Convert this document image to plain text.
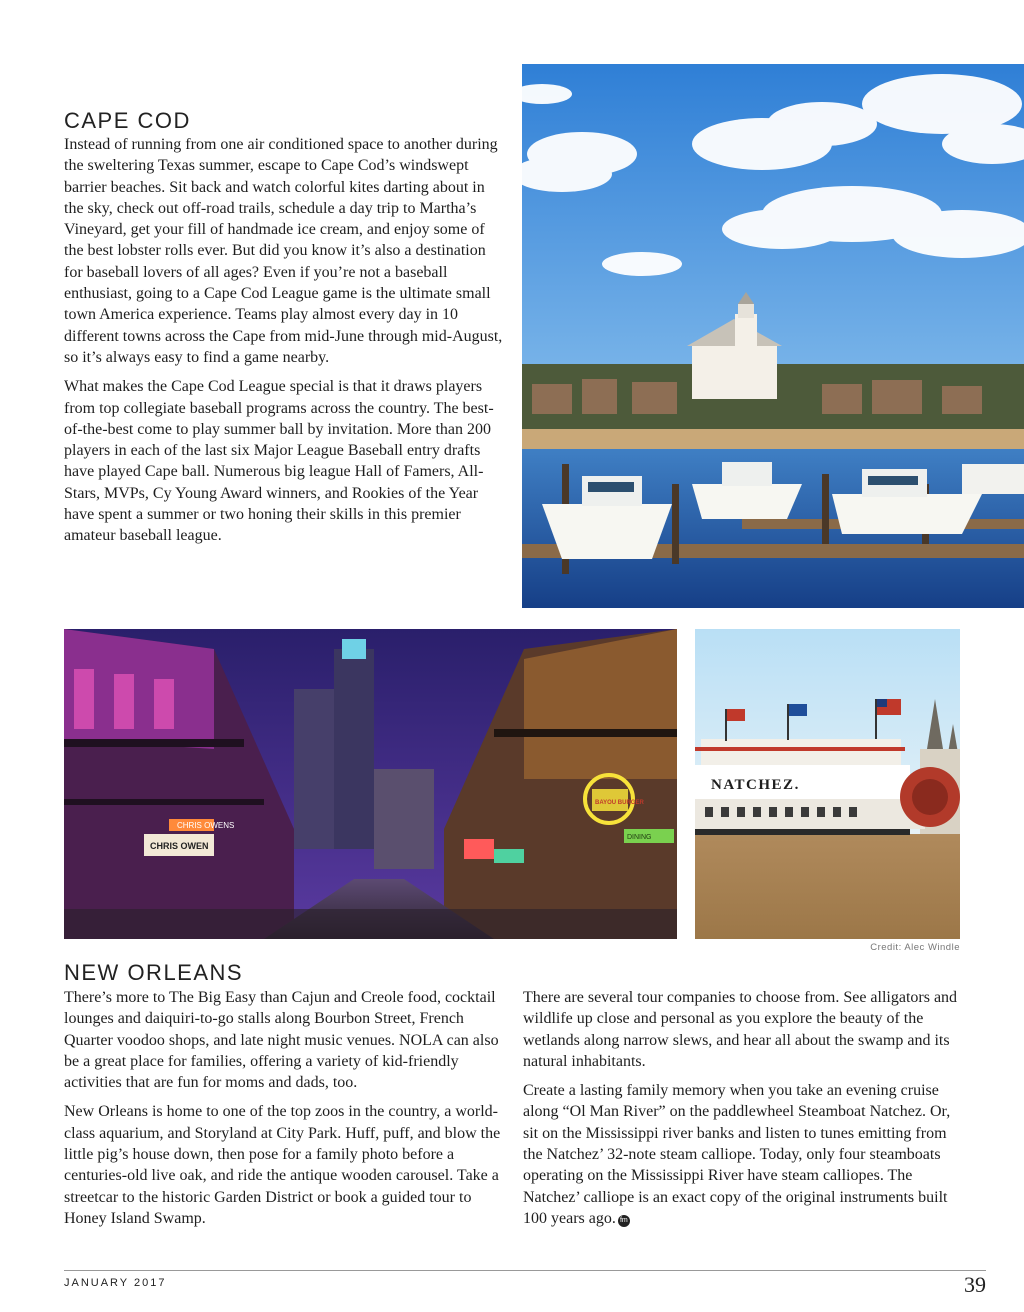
CAPE COD

Instead of running from one air conditioned space to another during the sweltering Texas summer, escape to Cape Cod’s windswept barrier beaches. Sit back and watch colorful kites darting about in the sky, check out off-road trails, schedule a day trip to Martha’s Vineyard, get your fill of handmade ice cream, and enjoy some of the best lobster rolls ever. But did you know it’s also a destination for baseball lovers of all ages? Even if you’re not a baseball enthusiast, going to a Cape Cod League game is the ultimate small town America experience. Teams play almost every day in 10 different towns across the Cape from mid-June through mid-August, so it’s always easy to find a game nearby.

What makes the Cape Cod League special is that it draws players from top collegiate baseball programs across the country. The best-of-the-best come to play summer ball by invitation. More than 200 players in each of the last six Major League Baseball entry drafts have played Cape ball. Numerous big league Hall of Famers, All-Stars, MVPs, Cy Young Award winners, and Rookies of the Year have spent a summer or two honing their skills in this premier amateur baseball league.

CHRIS OWENS
CHRIS OWEN
BAYOU BURGER
DINING
NATCHEZ.
Credit: Alec Windle
NEW ORLEANS

There’s more to The Big Easy than Cajun and Creole food, cocktail lounges and daiquiri-to-go stalls along Bourbon Street, French Quarter voodoo shops, and late night music venues. NOLA can also be a great place for families, offering a variety of kid-friendly activities that are fun for moms and dads, too.

New Orleans is home to one of the top zoos in the country, a world-class aquarium, and Storyland at City Park. Huff, puff, and blow the little pig’s house down, then pose for a family photo before a centuries-old live oak, and ride the antique wooden carousel. Take a streetcar to the historic Garden District or book a guided tour to Honey Island Swamp.

There are several tour companies to choose from. See alligators and wildlife up close and personal as you explore the beauty of the wetlands along narrow slews, and hear all about the swamp and its natural inhabitants.

Create a lasting family memory when you take an evening cruise along “Ol Man River” on the paddlewheel Steamboat Natchez. Or, sit on the Mississippi river banks and listen to tunes emitting from the Natchez’ 32-note steam calliope. Today, only four steamboats operating on the Mississippi River have steam calliopes. The Natchez’ calliope is an exact copy of the original instruments built 100 years ago. fm

JANUARY 2017	39
